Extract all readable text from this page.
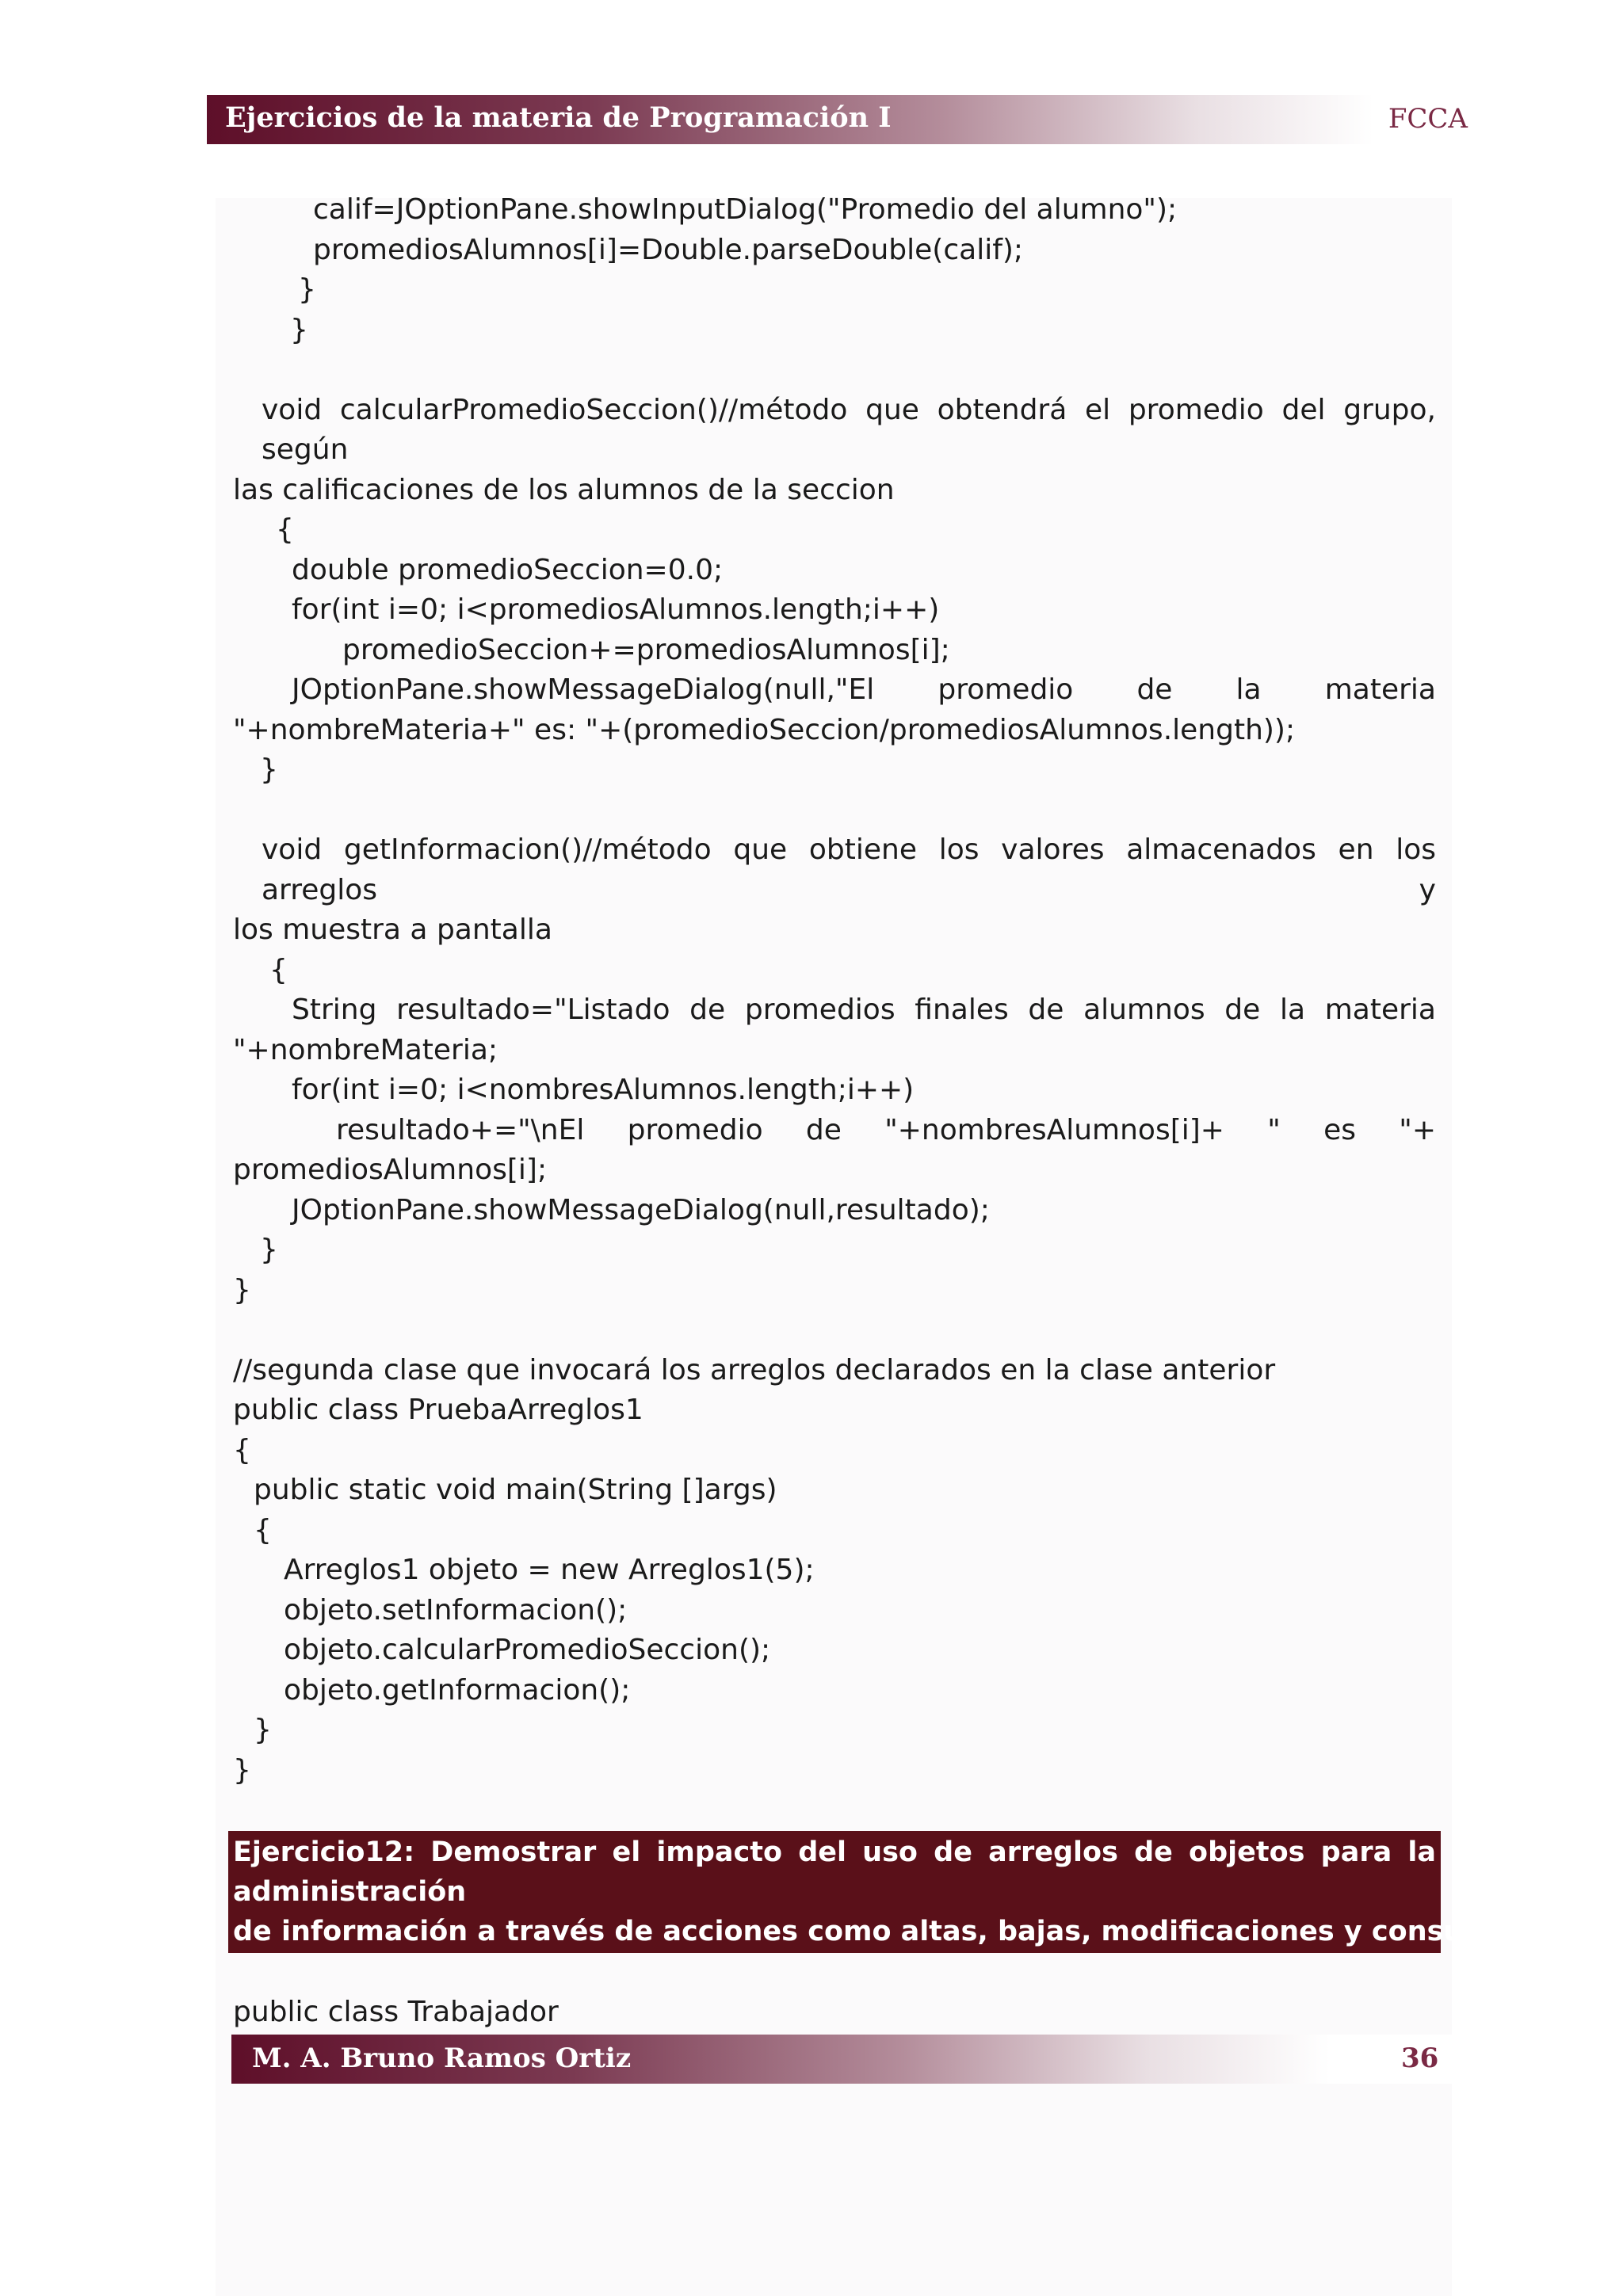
Ejercicios de la materia de Programación I	FCCA
calif=JOptionPane.showInputDialog("Promedio del alumno");
promediosAlumnos[i]=Double.parseDouble(calif);
}
}
void calcularPromedioSeccion()//método que obtendrá el promedio del grupo, según
las calificaciones de los alumnos de la seccion
{
double promedioSeccion=0.0;
for(int i=0; i<promediosAlumnos.length;i++)
promedioSeccion+=promediosAlumnos[i];
JOptionPane.showMessageDialog(null,"El promedio de la materia
"+nombreMateria+" es: "+(promedioSeccion/promediosAlumnos.length));
}
void getInformacion()//método que obtiene los valores almacenados en los arreglos y
los muestra a pantalla
{
String resultado="Listado de promedios finales de alumnos de la materia
"+nombreMateria;
for(int i=0; i<nombresAlumnos.length;i++)
resultado+="\nEl promedio de "+nombresAlumnos[i]+ " es "+
promediosAlumnos[i];
JOptionPane.showMessageDialog(null,resultado);
}
}
//segunda clase que invocará los arreglos declarados en la clase anterior
public class PruebaArreglos1
{
public static void main(String []args)
{
Arreglos1 objeto = new Arreglos1(5);
objeto.setInformacion();
objeto.calcularPromedioSeccion();
objeto.getInformacion();
}
}
Ejercicio12: Demostrar el impacto del uso de arreglos de objetos para la administración
de información a través de acciones como altas, bajas, modificaciones y consultas.
public class Trabajador
M. A. Bruno Ramos Ortiz	36
